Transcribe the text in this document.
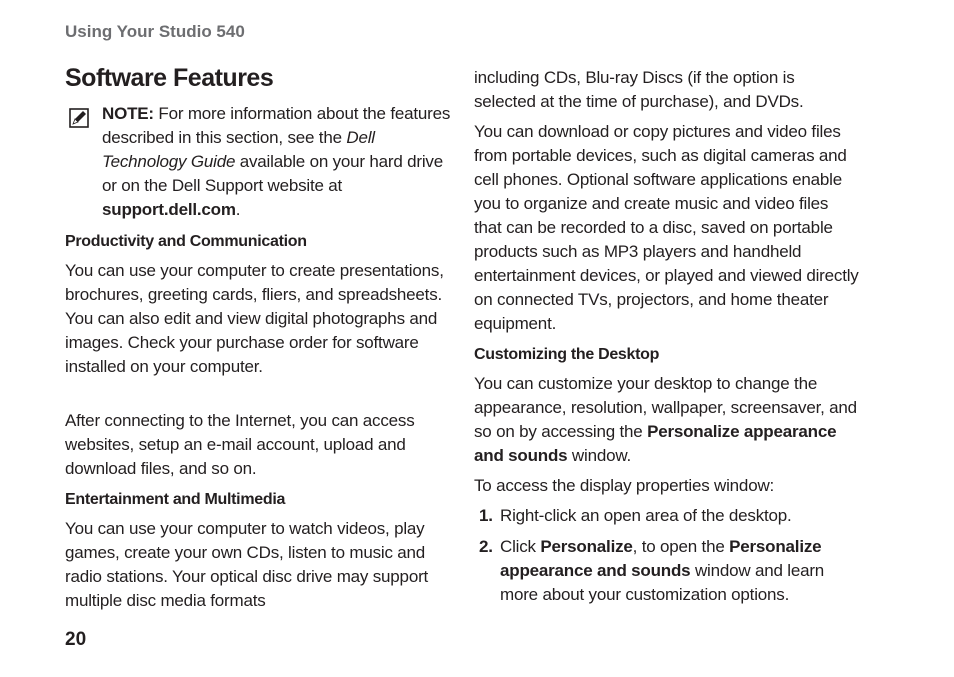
Using Your Studio 540
Software Features

NOTE: For more information about the features described in this section, see the Dell Technology Guide available on your hard drive or on the Dell Support website at support.dell.com.

Productivity and Communication

You can use your computer to create presentations, brochures, greeting cards, fliers, and spreadsheets. You can also edit and view digital photographs and images. Check your purchase order for software installed on your computer.

After connecting to the Internet, you can access websites, setup an e-mail account, upload and download files, and so on.

Entertainment and Multimedia

You can use your computer to watch videos, play games, create your own CDs, listen to music and radio stations. Your optical disc drive may support multiple disc media formats

including CDs, Blu-ray Discs (if the option is selected at the time of purchase), and DVDs.

You can download or copy pictures and video files from portable devices, such as digital cameras and cell phones. Optional software applications enable you to organize and create music and video files that can be recorded to a disc, saved on portable products such as MP3 players and handheld entertainment devices, or played and viewed directly on connected TVs, projectors, and home theater equipment.

Customizing the Desktop

You can customize your desktop to change the appearance, resolution, wallpaper, screensaver, and so on by accessing the Personalize appearance and sounds window.

To access the display properties window:

1. Right-click an open area of the desktop.

2. Click Personalize, to open the Personalize appearance and sounds window and learn more about your customization options.

20
